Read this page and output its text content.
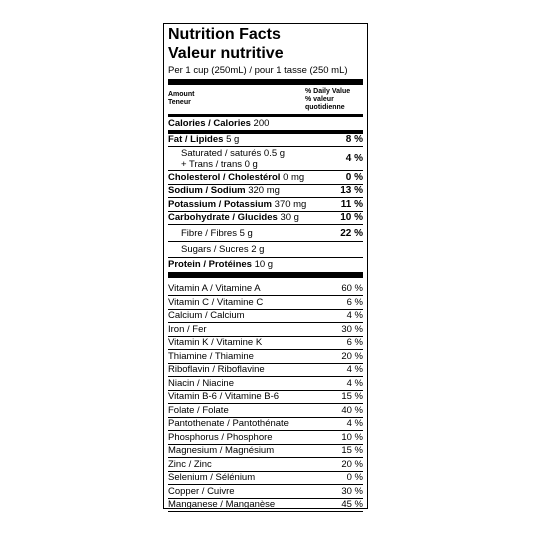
Nutrition Facts
Valeur nutritive
Per 1 cup (250mL) / pour 1 tasse (250 mL)
Amount
Teneur
% Daily Value
% valeur
quotidienne
Calories / Calories 200
Fat / Lipides 5 g	8 %
Saturated / saturés 0.5 g
+ Trans / trans 0 g	4 %
Cholesterol / Cholestérol 0 mg	0 %
Sodium / Sodium 320 mg	13 %
Potassium / Potassium 370 mg	11 %
Carbohydrate / Glucides 30 g	10 %
Fibre / Fibres 5 g	22 %
Sugars / Sucres 2 g
Protein / Protéines 10 g
Vitamin A / Vitamine A	60 %
Vitamin C / Vitamine C	6 %
Calcium / Calcium	4 %
Iron / Fer	30 %
Vitamin K / Vitamine K	6 %
Thiamine / Thiamine	20 %
Riboflavin / Riboflavine	4 %
Niacin / Niacine	4 %
Vitamin B-6 / Vitamine B-6	15 %
Folate / Folate	40 %
Pantothenate / Pantothénate	4 %
Phosphorus / Phosphore	10 %
Magnesium / Magnésium	15 %
Zinc / Zinc	20 %
Selenium / Sélénium	0 %
Copper / Cuivre	30 %
Manganese / Manganèse	45 %
